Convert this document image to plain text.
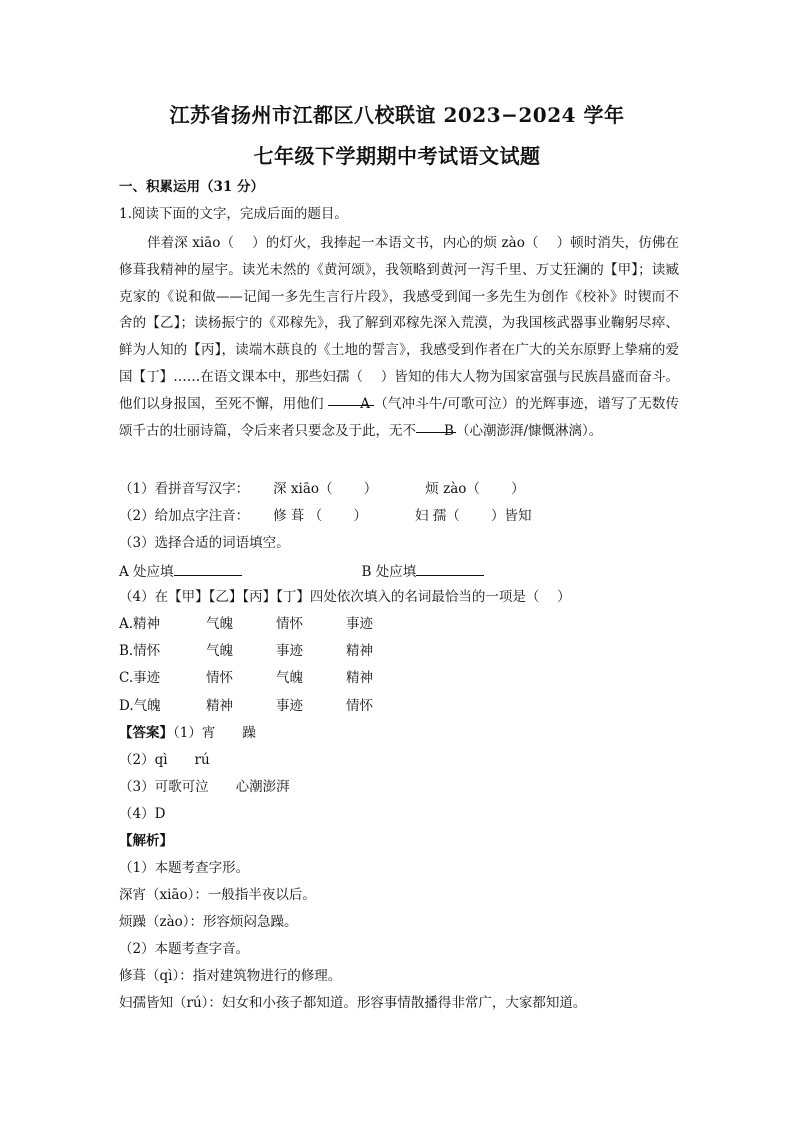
江苏省扬州市江都区八校联谊 2023−2024 学年
七年级下学期期中考试语文试题
一、积累运用（31 分）
1.阅读下面的文字，完成后面的题目。
伴着深 xiāo（　 ）的灯火，我捧起一本语文书，内心的烦 zào（　 ）顿时消失，仿佛在修葺我精神的屋宇。读光未然的《黄河颂》，我领略到黄河一泻千里、万丈狂澜的【甲】；读臧克家的《说和做——记闻一多先生言行片段》，我感受到闻一多先生为创作《校补》时锲而不舍的【乙】；读杨振宁的《邓稼先》，我了解到邓稼先深入荒漠，为我国核武器事业鞠躬尽瘁、鲜为人知的【丙】，读端木蕻良的《土地的誓言》，我感受到作者在广大的关东原野上挚痛的爱国【丁】……在语文课本中，那些妇孺（　 ）皆知的伟大人物为国家富强与民族昌盛而奋斗。他们以身报国，至死不懈，用他们	A （气冲斗牛/可歌可泣）的光辉事迹，谱写了无数传颂千古的壮丽诗篇，令后来者只要念及于此，无不 B （心潮澎湃/慷慨淋漓）。
（1）看拼音写汉字： 深 xiāo（　　 ）	烦 zào（　　 ）
（2）给加点字注音： 修 葺 （　　 ）	妇 孺（　　 ）皆知
（3）选择合适的词语填空。
A 处应填	B 处应填
（4）在【甲】【乙】【丙】【丁】四处依次填入的名词最恰当的一项是（　 ）
A.精神	气魄	情怀	事迹
B.情怀	气魄	事迹	精神
C.事迹	情怀	气魄	精神
D.气魄	精神	事迹	情怀
【答案】（1）宵　　躁
（2）qì　　rú
（3）可歌可泣　　心潮澎湃
（4）D
【解析】
（1）本题考查字形。
深宵（xiāo）：一般指半夜以后。
烦躁（zào）：形容烦闷急躁。
（2）本题考查字音。
修葺（qì）：指对建筑物进行的修理。
妇孺皆知（rú）：妇女和小孩子都知道。形容事情散播得非常广，大家都知道。
